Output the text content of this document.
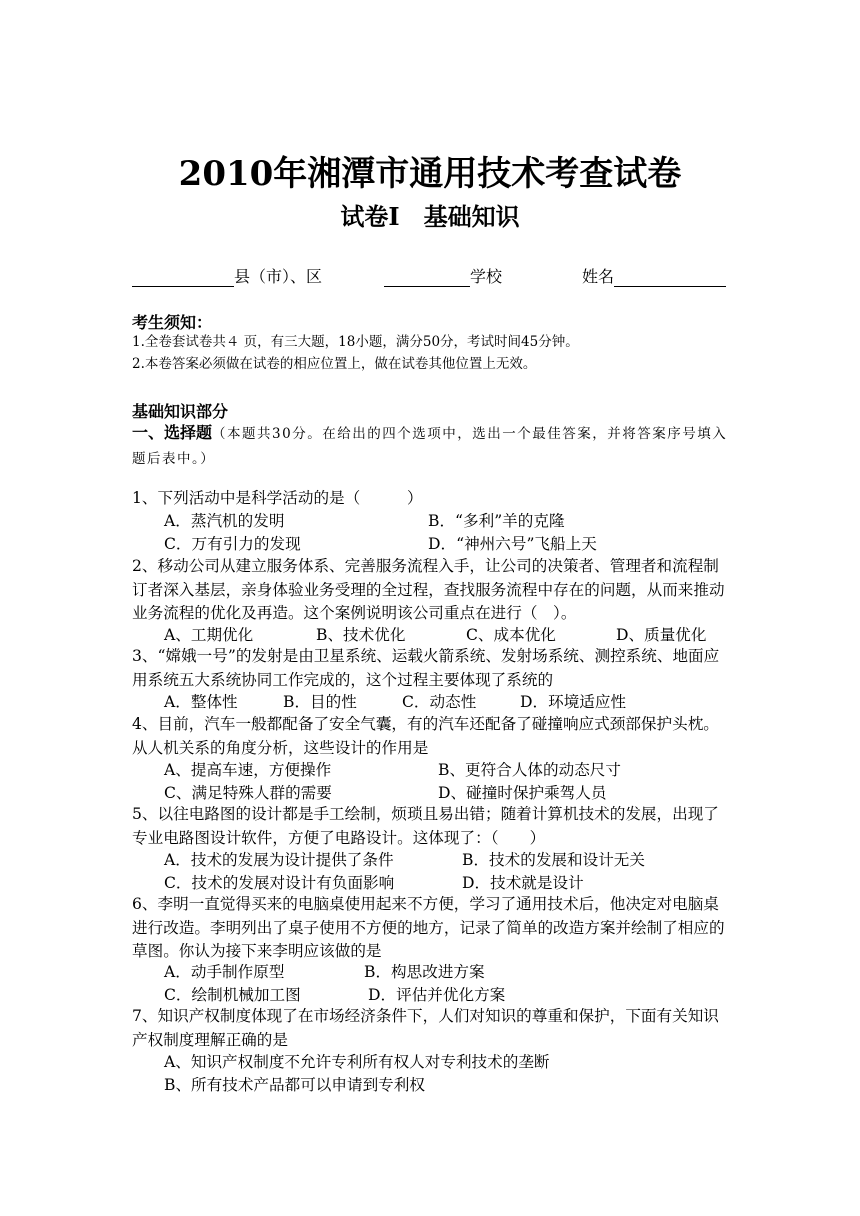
2010年湘潭市通用技术考查试卷
试卷Ⅰ　基础知识
县（市）、区	学校	姓名
考生须知：
1.全卷套试卷共４ 页，有三大题，18小题，满分50分，考试时间45分钟。
2.本卷答案必须做在试卷的相应位置上，做在试卷其他位置上无效。
基础知识部分
一、选择题（本题共30分。在给出的四个选项中，选出一个最佳答案，并将答案序号填入题后表中。）
1、下列活动中是科学活动的是（　　　）
A．蒸汽机的发明	B．“多利”羊的克隆
C．万有引力的发现	D．“神州六号”飞船上天
2、移动公司从建立服务体系、完善服务流程入手，让公司的决策者、管理者和流程制订者深入基层，亲身体验业务受理的全过程，查找服务流程中存在的问题，从而来推动业务流程的优化及再造。这个案例说明该公司重点在进行（　）。
A、工期优化	B、技术优化	C、成本优化	D、质量优化
3、“嫦娥一号”的发射是由卫星系统、运载火箭系统、发射场系统、测控系统、地面应用系统五大系统协同工作完成的，这个过程主要体现了系统的
A．整体性	B．目的性	C．动态性	D．环境适应性
4、目前，汽车一般都配备了安全气囊，有的汽车还配备了碰撞响应式颈部保护头枕。从人机关系的角度分析，这些设计的作用是
A、提高车速，方便操作	B、更符合人体的动态尺寸
C、满足特殊人群的需要	D、碰撞时保护乘驾人员
5、以往电路图的设计都是手工绘制，烦琐且易出错；随着计算机技术的发展，出现了专业电路图设计软件，方便了电路设计。这体现了：（　　）
A．技术的发展为设计提供了条件	B．技术的发展和设计无关
C．技术的发展对设计有负面影响	D．技术就是设计
6、李明一直觉得买来的电脑桌使用起来不方便，学习了通用技术后，他决定对电脑桌进行改造。李明列出了桌子使用不方便的地方，记录了简单的改造方案并绘制了相应的草图。你认为接下来李明应该做的是
A．动手制作原型	B．构思改进方案
C．绘制机械加工图	D．评估并优化方案
7、知识产权制度体现了在市场经济条件下，人们对知识的尊重和保护，下面有关知识产权制度理解正确的是
A、知识产权制度不允许专利所有权人对专利技术的垄断
B、所有技术产品都可以申请到专利权
